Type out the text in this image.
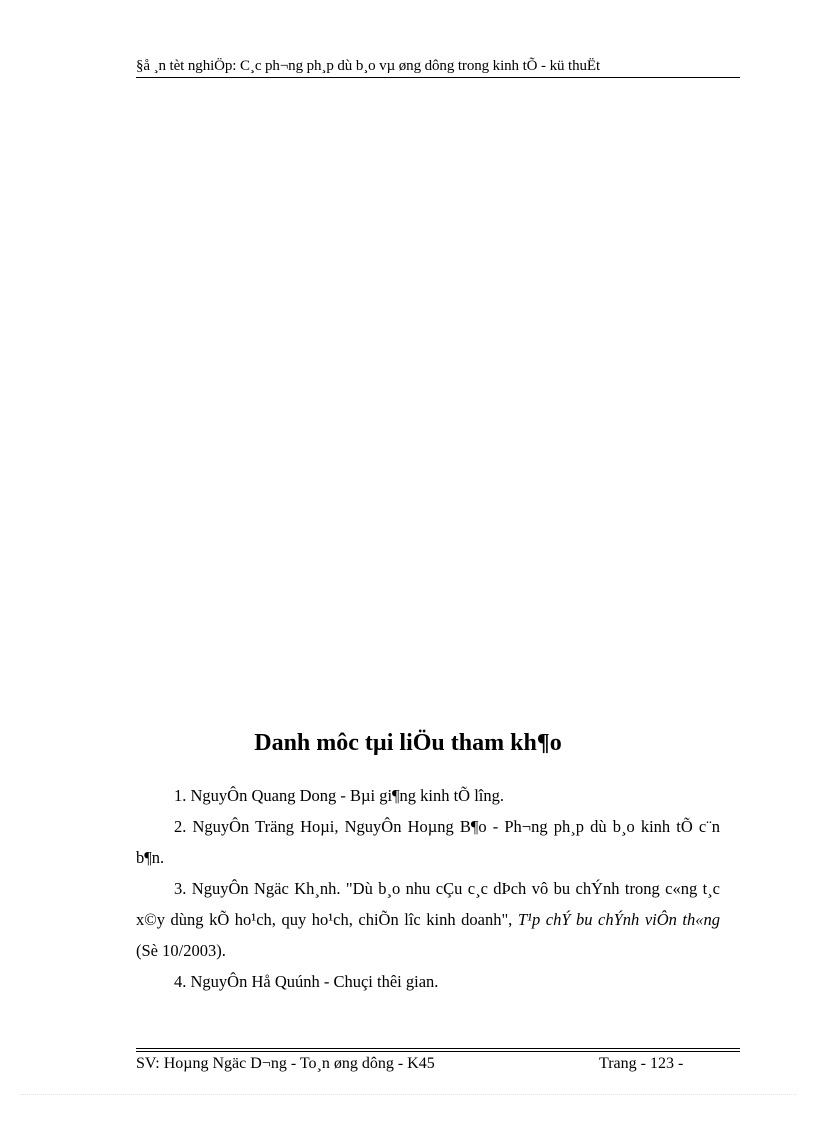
§å ¸n tèt nghiÖp: C¸c ph¬ng ph¸p dù b¸o vµ øng dông trong kinh tÕ - kü thuËt
Danh môc tµi liÖu tham kh¶o

1. NguyÔn Quang Dong - Bµi gi¶ng kinh tÕ lîng.

2. NguyÔn Träng Hoµi, NguyÔn Hoµng B¶o - Ph¬ng ph¸p dù b¸o kinh tÕ c¨n b¶n.

3. NguyÔn Ngäc Kh¸nh. "Dù b¸o nhu cÇu c¸c dÞch vô bu chÝnh trong c«ng t¸c x©y dùng kÕ ho¹ch, quy ho¹ch, chiÕn lîc kinh doanh", T¹p chÝ bu chÝnh viÔn th«ng (Sè 10/2003).

4. NguyÔn Hå Quúnh - Chuçi thêi gian.

SV: Hoµng Ngäc D¬ng - To¸n øng dông - K45	Trang - 123 -
